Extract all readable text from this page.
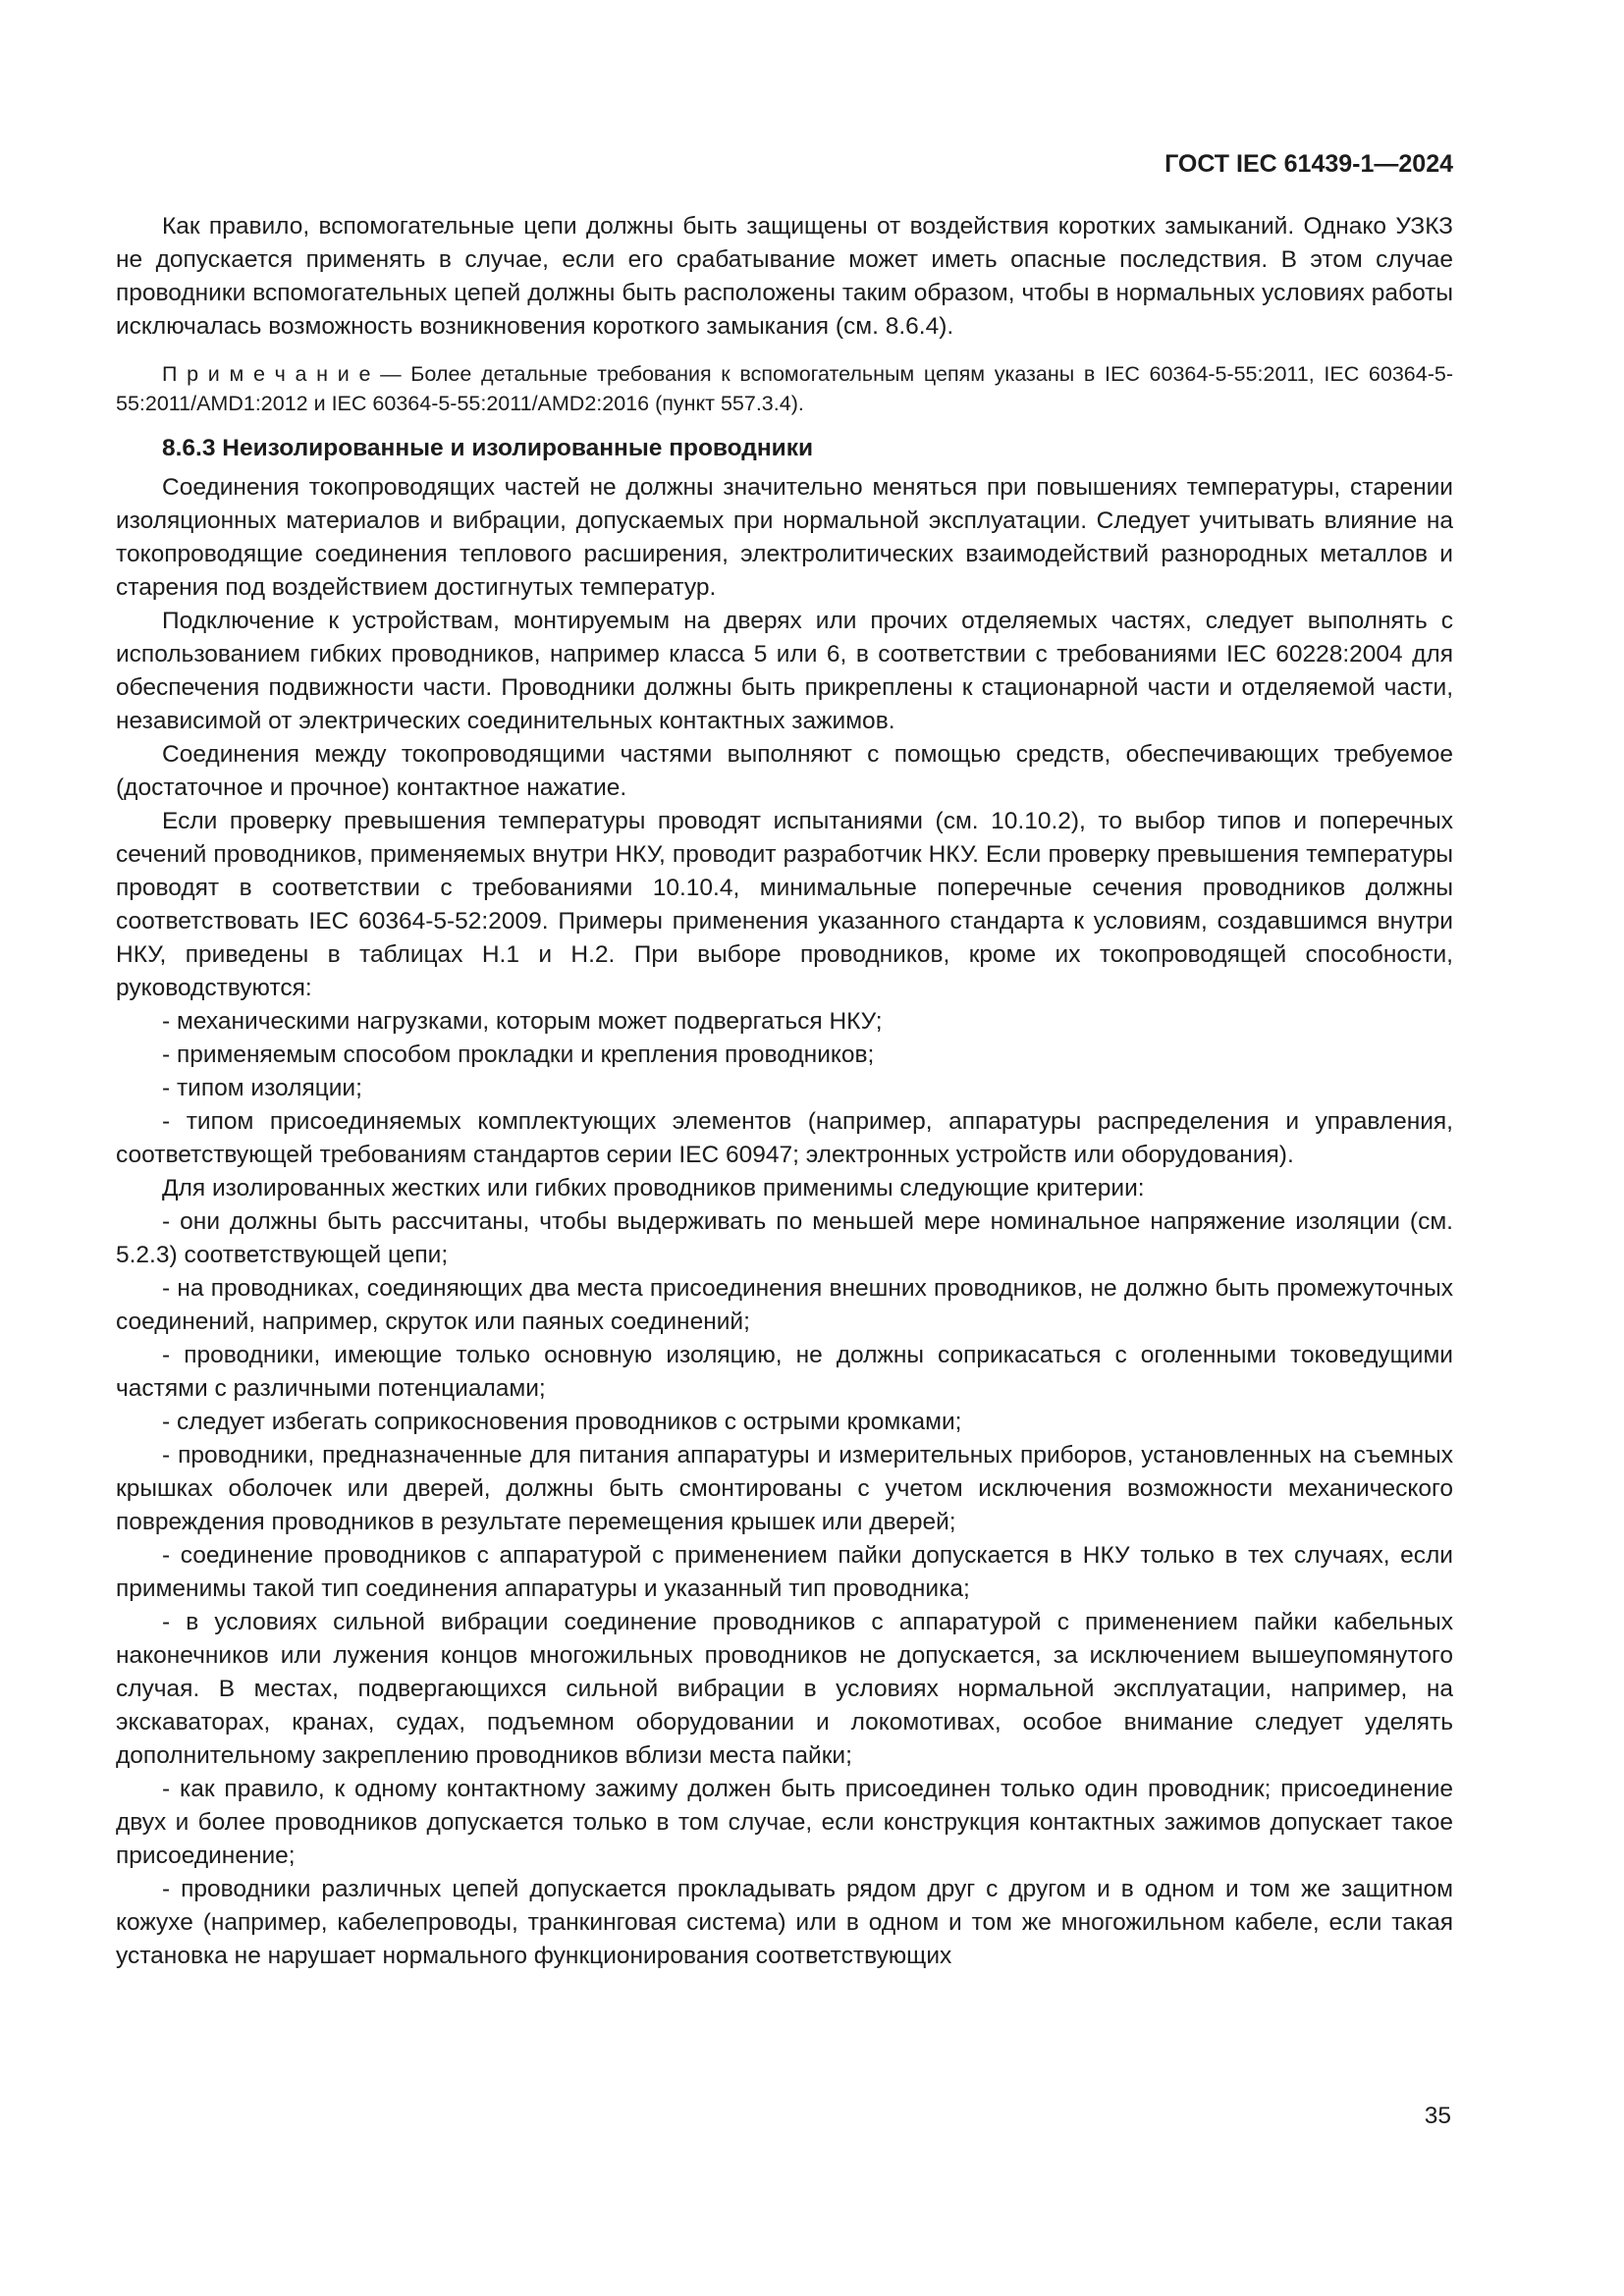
ГОСТ IEC 61439-1—2024

Как правило, вспомогательные цепи должны быть защищены от воздействия коротких замыканий. Однако УЗКЗ не допускается применять в случае, если его срабатывание может иметь опасные последствия. В этом случае проводники вспомогательных цепей должны быть расположены таким образом, чтобы в нормальных условиях работы исключалась возможность возникновения короткого замыкания (см. 8.6.4).

П р и м е ч а н и е — Более детальные требования к вспомогательным цепям указаны в IEC 60364-5-55:2011, IEC 60364-5-55:2011/AMD1:2012 и IEC 60364-5-55:2011/AMD2:2016 (пункт 557.3.4).

8.6.3 Неизолированные и изолированные проводники

Соединения токопроводящих частей не должны значительно меняться при повышениях температуры, старении изоляционных материалов и вибрации, допускаемых при нормальной эксплуатации. Следует учитывать влияние на токопроводящие соединения теплового расширения, электролитических взаимодействий разнородных металлов и старения под воздействием достигнутых температур.

Подключение к устройствам, монтируемым на дверях или прочих отделяемых частях, следует выполнять с использованием гибких проводников, например класса 5 или 6, в соответствии с требованиями IEC 60228:2004 для обеспечения подвижности части. Проводники должны быть прикреплены к стационарной части и отделяемой части, независимой от электрических соединительных контактных зажимов.

Соединения между токопроводящими частями выполняют с помощью средств, обеспечивающих требуемое (достаточное и прочное) контактное нажатие.

Если проверку превышения температуры проводят испытаниями (см. 10.10.2), то выбор типов и поперечных сечений проводников, применяемых внутри НКУ, проводит разработчик НКУ. Если проверку превышения температуры проводят в соответствии с требованиями 10.10.4, минимальные поперечные сечения проводников должны соответствовать IEC 60364-5-52:2009. Примеры применения указанного стандарта к условиям, создавшимся внутри НКУ, приведены в таблицах Н.1 и Н.2. При выборе проводников, кроме их токопроводящей способности, руководствуются:

- механическими нагрузками, которым может подвергаться НКУ;

- применяемым способом прокладки и крепления проводников;

- типом изоляции;

- типом присоединяемых комплектующих элементов (например, аппаратуры распределения и управления, соответствующей требованиям стандартов серии IEC 60947; электронных устройств или оборудования).

Для изолированных жестких или гибких проводников применимы следующие критерии:

- они должны быть рассчитаны, чтобы выдерживать по меньшей мере номинальное напряжение изоляции (см. 5.2.3) соответствующей цепи;

- на проводниках, соединяющих два места присоединения внешних проводников, не должно быть промежуточных соединений, например, скруток или паяных соединений;

- проводники, имеющие только основную изоляцию, не должны соприкасаться с оголенными токоведущими частями с различными потенциалами;

- следует избегать соприкосновения проводников с острыми кромками;

- проводники, предназначенные для питания аппаратуры и измерительных приборов, установленных на съемных крышках оболочек или дверей, должны быть смонтированы с учетом исключения возможности механического повреждения проводников в результате перемещения крышек или дверей;

- соединение проводников с аппаратурой с применением пайки допускается в НКУ только в тех случаях, если применимы такой тип соединения аппаратуры и указанный тип проводника;

- в условиях сильной вибрации соединение проводников с аппаратурой с применением пайки кабельных наконечников или лужения концов многожильных проводников не допускается, за исключением вышеупомянутого случая. В местах, подвергающихся сильной вибрации в условиях нормальной эксплуатации, например, на экскаваторах, кранах, судах, подъемном оборудовании и локомотивах, особое внимание следует уделять дополнительному закреплению проводников вблизи места пайки;

- как правило, к одному контактному зажиму должен быть присоединен только один проводник; присоединение двух и более проводников допускается только в том случае, если конструкция контактных зажимов допускает такое присоединение;

- проводники различных цепей допускается прокладывать рядом друг с другом и в одном и том же защитном кожухе (например, кабелепроводы, транкинговая система) или в одном и том же многожильном кабеле, если такая установка не нарушает нормального функционирования соответствующих

35
